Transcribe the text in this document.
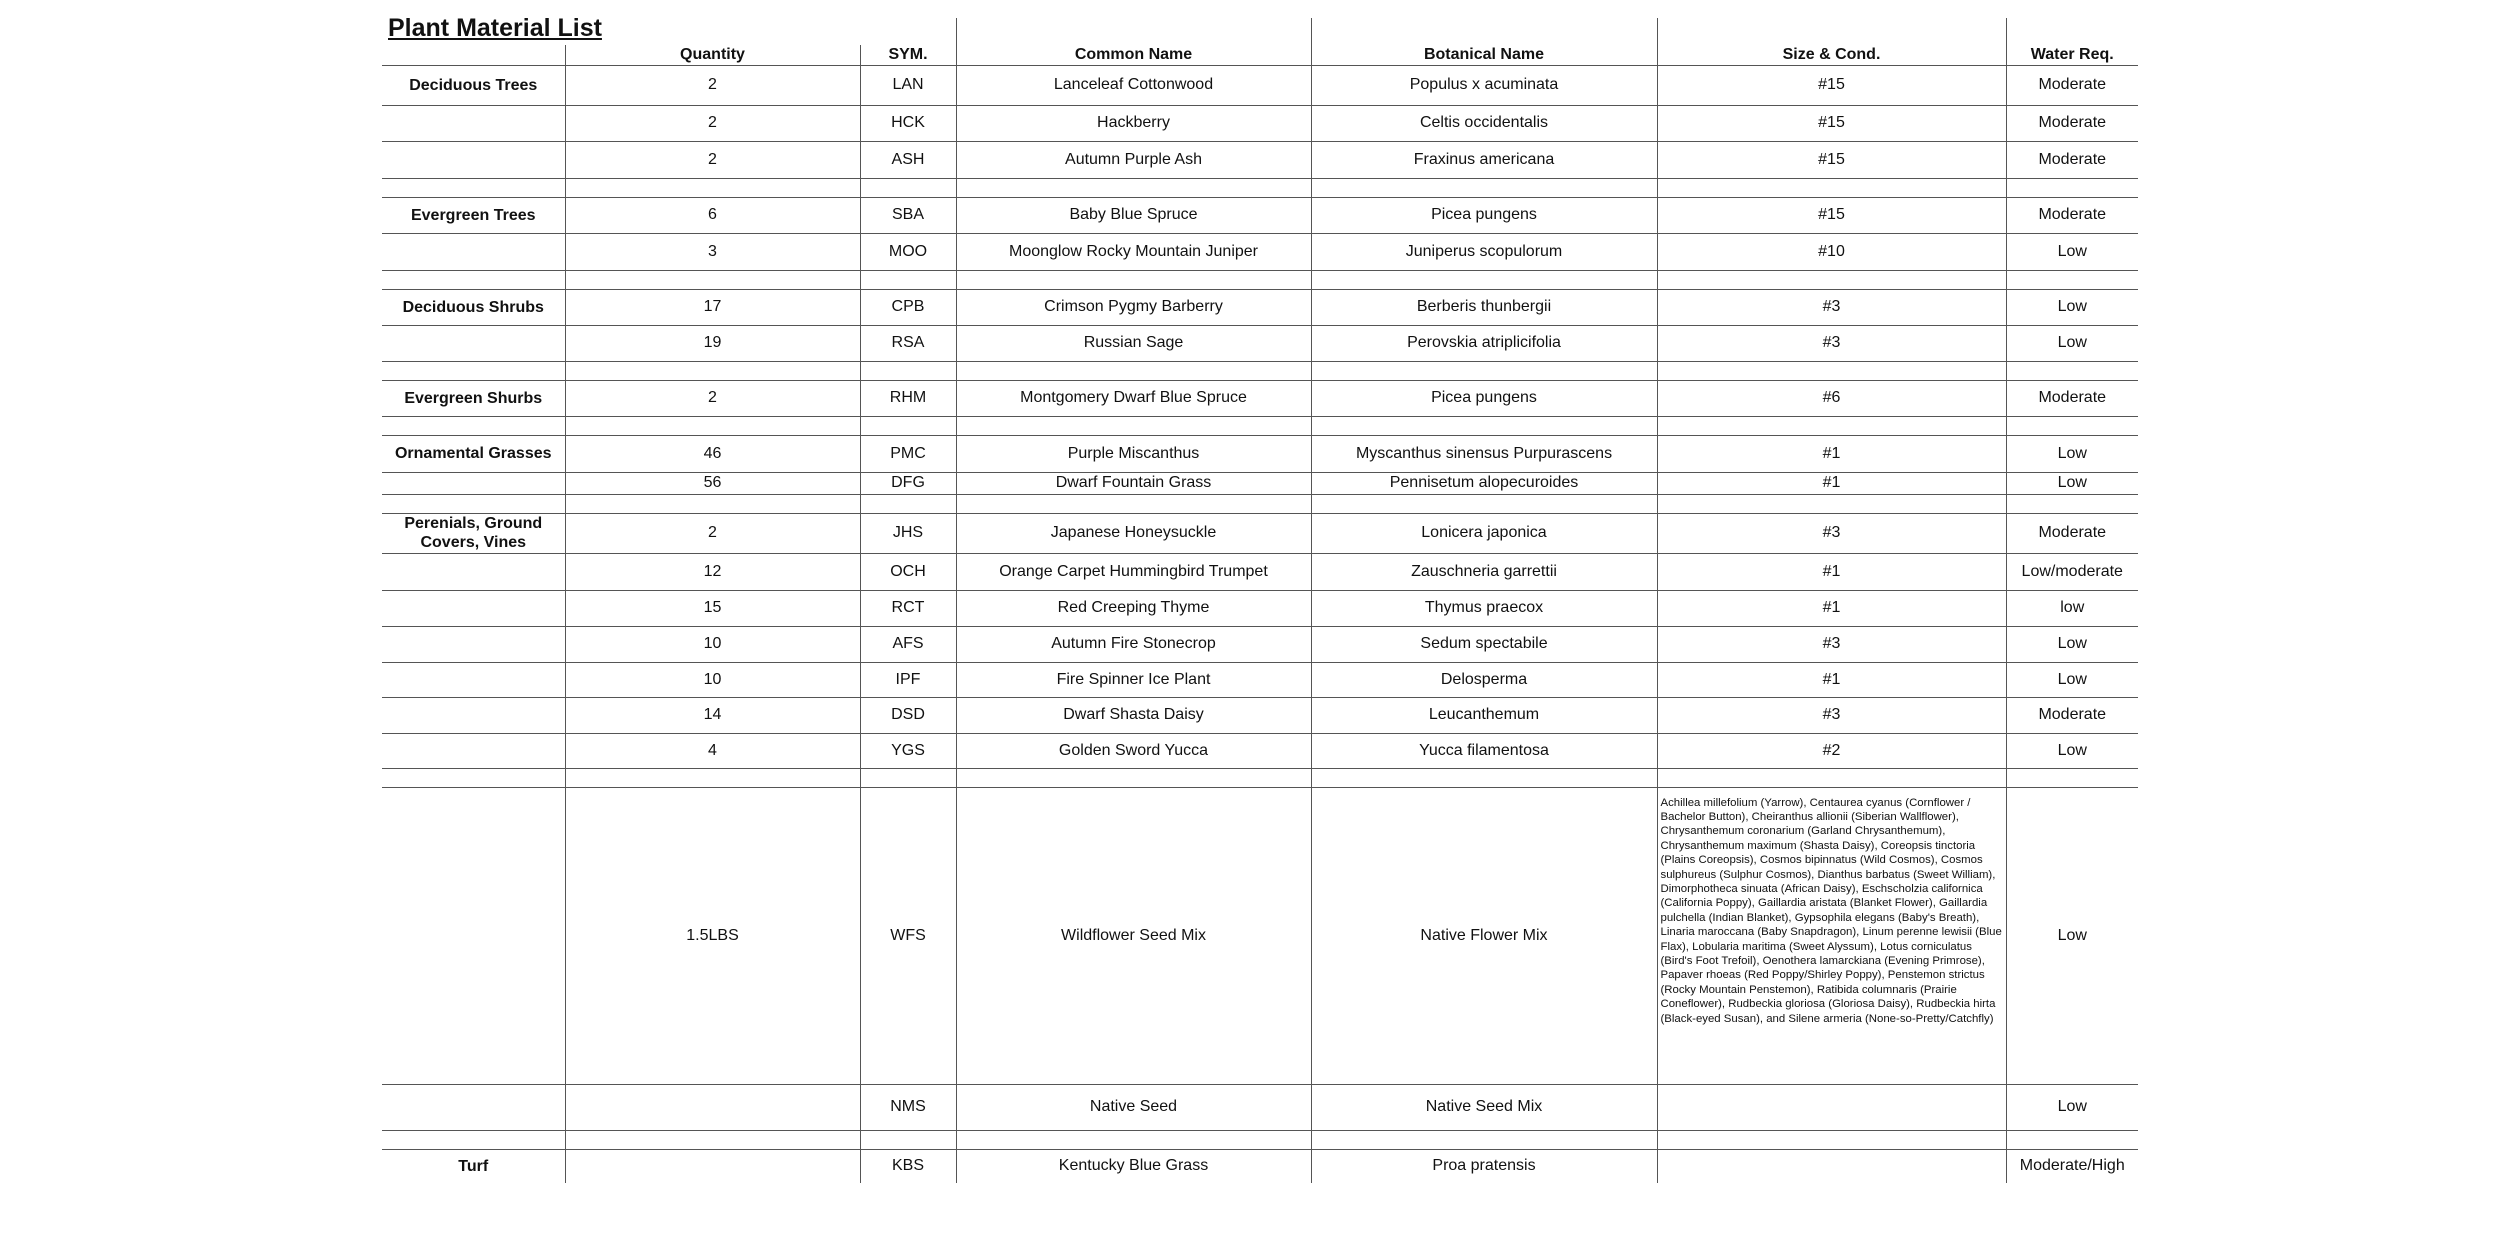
Plant Material List

	Quantity	SYM.	Common Name	Botanical Name	Size & Cond.	Water Req.
Deciduous Trees	2	LAN	Lanceleaf Cottonwood	Populus x acuminata	#15	Moderate
	2	HCK	Hackberry	Celtis occidentalis	#15	Moderate
	2	ASH	Autumn Purple Ash	Fraxinus americana	#15	Moderate

Evergreen Trees	6	SBA	Baby Blue Spruce	Picea pungens	#15	Moderate
	3	MOO	Moonglow Rocky Mountain Juniper	Juniperus scopulorum	#10	Low

Deciduous Shrubs	17	CPB	Crimson Pygmy Barberry	Berberis thunbergii	#3	Low
	19	RSA	Russian Sage	Perovskia atriplicifolia	#3	Low

Evergreen Shurbs	2	RHM	Montgomery Dwarf Blue Spruce	Picea pungens	#6	Moderate

Ornamental Grasses	46	PMC	Purple Miscanthus	Myscanthus sinensus Purpurascens	#1	Low
	56	DFG	Dwarf Fountain Grass	Pennisetum alopecuroides	#1	Low

Perenials, Ground Covers, Vines	2	JHS	Japanese Honeysuckle	Lonicera japonica	#3	Moderate
	12	OCH	Orange Carpet Hummingbird Trumpet	Zauschneria garrettii	#1	Low/moderate
	15	RCT	Red Creeping Thyme	Thymus praecox	#1	low
	10	AFS	Autumn Fire Stonecrop	Sedum spectabile	#3	Low
	10	IPF	Fire Spinner Ice Plant	Delosperma	#1	Low
	14	DSD	Dwarf Shasta Daisy	Leucanthemum	#3	Moderate
	4	YGS	Golden Sword Yucca	Yucca filamentosa	#2	Low

	1.5LBS	WFS	Wildflower Seed Mix	Native Flower Mix	Achillea millefolium (Yarrow), Centaurea cyanus (Cornflower / Bachelor Button), Cheiranthus allionii (Siberian Wallflower), Chrysanthemum coronarium (Garland Chrysanthemum), Chrysanthemum maximum (Shasta Daisy), Coreopsis tinctoria (Plains Coreopsis), Cosmos bipinnatus (Wild Cosmos), Cosmos sulphureus (Sulphur Cosmos), Dianthus barbatus (Sweet William), Dimorphotheca sinuata (African Daisy), Eschscholzia californica (California Poppy), Gaillardia aristata (Blanket Flower), Gaillardia pulchella (Indian Blanket), Gypsophila elegans (Baby's Breath), Linaria maroccana (Baby Snapdragon), Linum perenne lewisii (Blue Flax), Lobularia maritima (Sweet Alyssum), Lotus corniculatus (Bird's Foot Trefoil), Oenothera lamarckiana (Evening Primrose), Papaver rhoeas (Red Poppy/Shirley Poppy), Penstemon strictus (Rocky Mountain Penstemon), Ratibida columnaris (Prairie Coneflower), Rudbeckia gloriosa (Gloriosa Daisy), Rudbeckia hirta (Black-eyed Susan), and Silene armeria (None-so-Pretty/Catchfly)	Low
		NMS	Native Seed	Native Seed Mix		Low

Turf		KBS	Kentucky Blue Grass	Proa pratensis		Moderate/High
